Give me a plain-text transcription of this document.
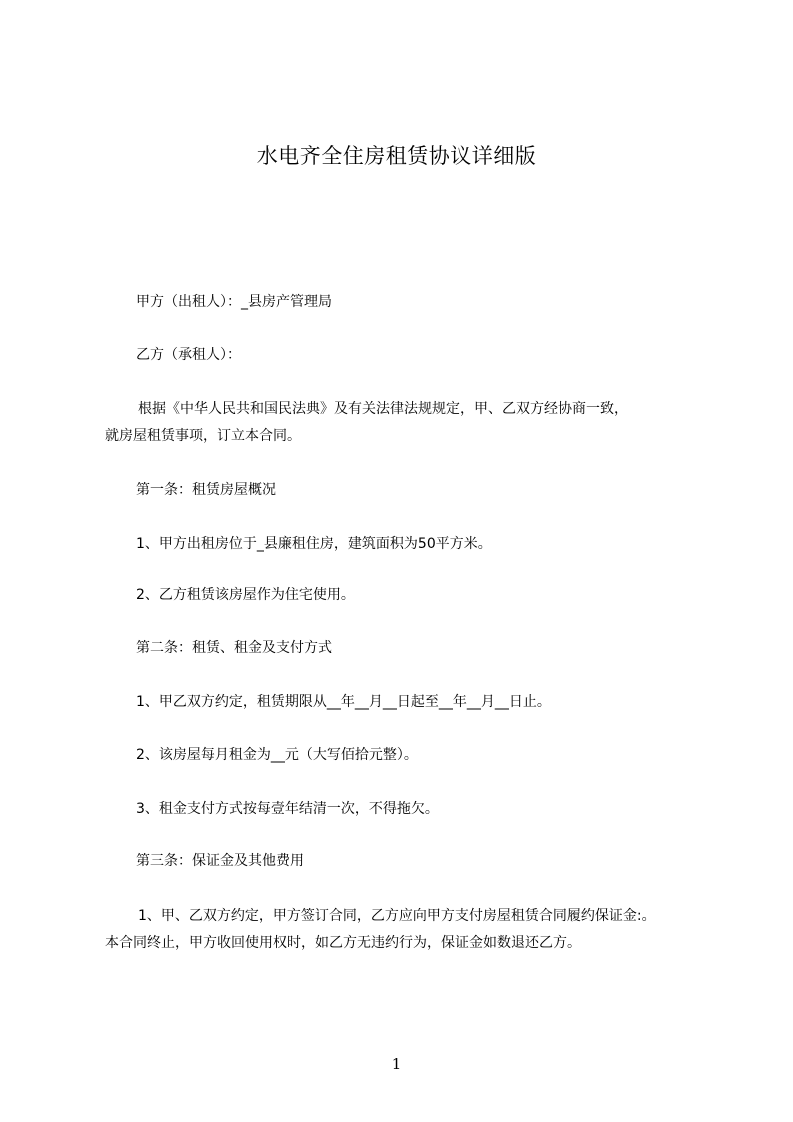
水电齐全住房租赁协议详细版
甲方（出租人）：_县房产管理局
乙方（承租人）：
根据《中华人民共和国民法典》及有关法律法规规定，甲、乙双方经协商一致，
就房屋租赁事项，订立本合同。
第一条：租赁房屋概况
1、甲方出租房位于_县廉租住房，建筑面积为50平方米。
2、乙方租赁该房屋作为住宅使用。
第二条：租赁、租金及支付方式
1、甲乙双方约定，租赁期限从__年__月__日起至__年__月__日止。
2、该房屋每月租金为__元（大写佰拾元整）。
3、租金支付方式按每壹年结清一次，不得拖欠。
第三条：保证金及其他费用
1、甲、乙双方约定，甲方签订合同，乙方应向甲方支付房屋租赁合同履约保证金:。
本合同终止，甲方收回使用权时，如乙方无违约行为，保证金如数退还乙方。
1
